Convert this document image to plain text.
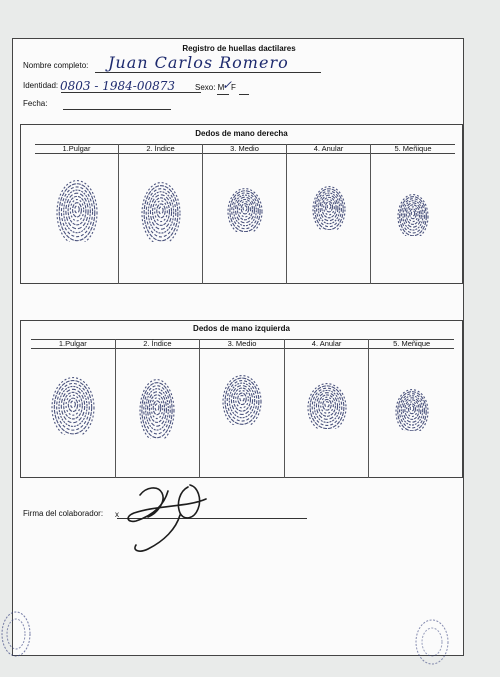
Registro de huellas dactilares
Nombre completo: Juan Carlos Romero
Identidad: 0803 - 1984-00873	Sexo: M
✓
F
Fecha:
Dedos de mano derecha
1.Pulgar	2. Índice	3. Medio	4. Anular	5. Meñique
Dedos de mano izquierda
1.Pulgar	2. Índice	3. Medio	4. Anular	5. Meñique
Firma del colaborador: x
